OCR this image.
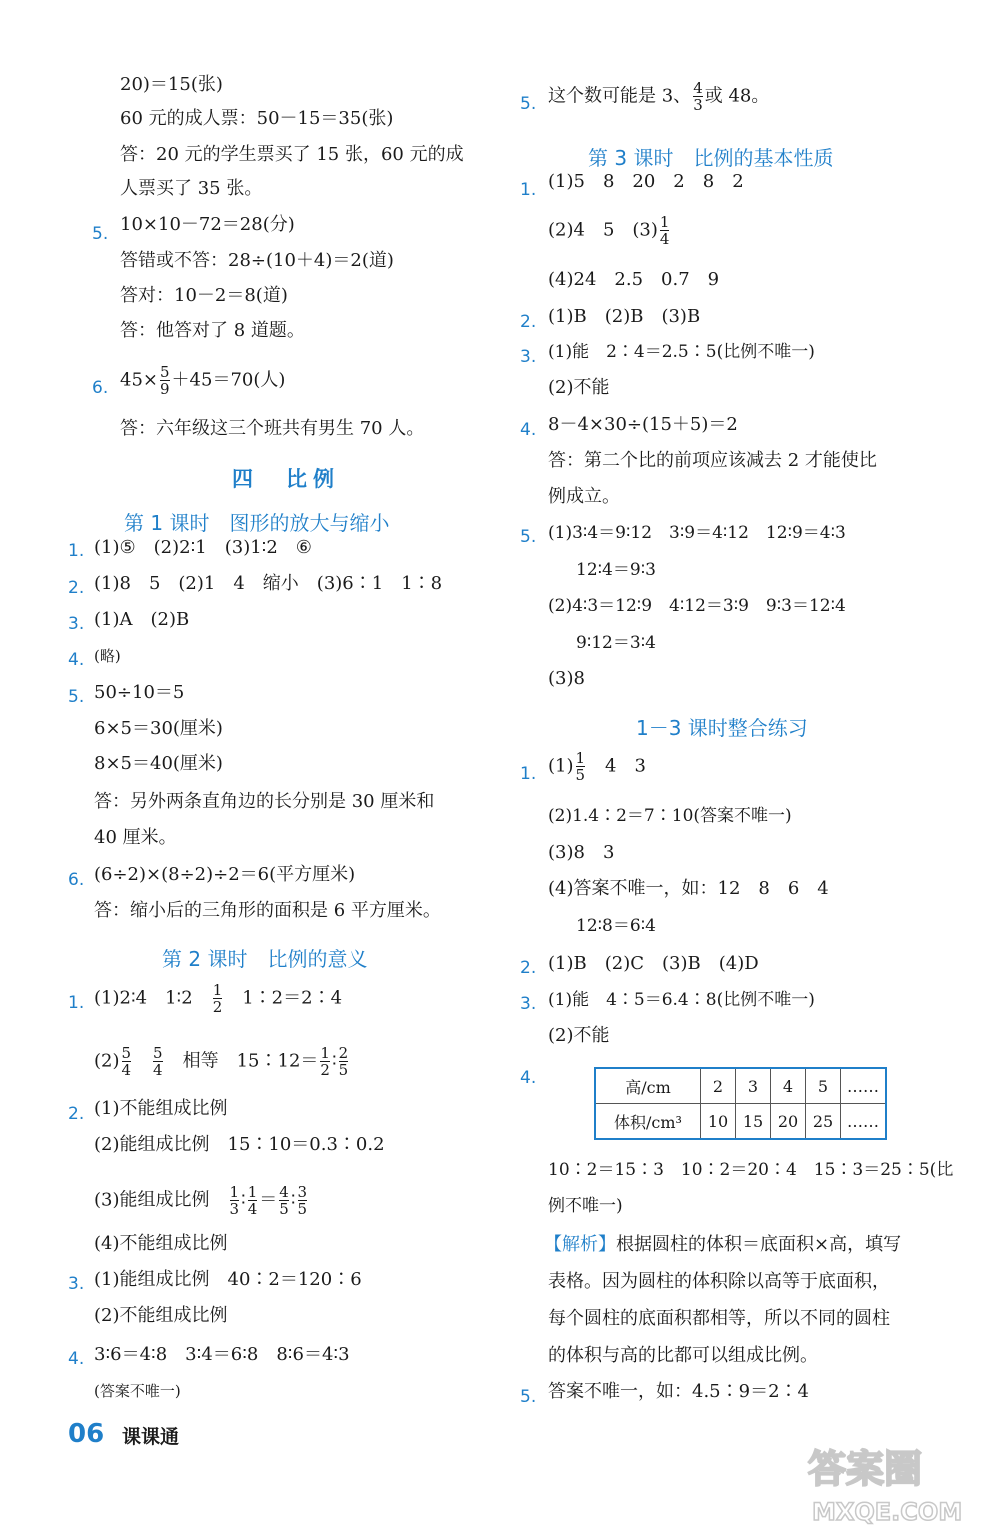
20)＝15(张)
60 元的成人票：50－15＝35(张)
答：20 元的学生票买了 15 张，60 元的成
人票买了 35 张。
5. 10×10－72＝28(分)
答错或不答：28÷(10＋4)＝2(道)
答对：10－2＝8(道)
答：他答对了 8 道题。
6. $45\times \frac{5}{9} +45=70$(人)
答：六年级这三个班共有男生 70 人。
四　比例
第 1 课时　图形的放大与缩小
1. (1)⑤　(2)2∶1　(3)1∶2　⑥
2. (1)8　5　(2)1　4　缩小　(3)6∶1　1∶8
3. (1)A　(2)B
4. (略)
5. 50÷10＝5
6×5＝30(厘米)
8×5＝40(厘米)
答：另外两条直角边的长分别是 30 厘米和
40 厘米。
6. (6÷2)×(8÷2)÷2＝6(平方厘米)
答：缩小后的三角形的面积是 6 平方厘米。
第 2 课时　比例的意义
1. (1)2∶4　1∶2　 $\frac{1}{2}$ 　1∶2＝2∶4
$(2) \frac{5}{4}$
　 $\frac{5}{4}$ 　相等　15∶12＝ $\frac{1}{2}$ ∶ $\frac{2}{5}$
2. (1)不能组成比例
(2)能组成比例　15∶10＝0.3∶0.2
(3)能组成比例　 $\frac{1}{3}$ ∶ $\frac{1}{4} = \frac{4}{5}$ ∶ $\frac{3}{5}$
(4)不能组成比例
3. (1)能组成比例　40∶2＝120∶6
(2)不能组成比例
4. 3∶6＝4∶8　3∶4＝6∶8　8∶6＝4∶3
(答案不唯一)
5. 这个数可能是 3、 $\frac{4}{3}$ 或 48。
第 3 课时　比例的基本性质
1. (1)5　8　20　2　8　2
(2)4　5　$(3) \frac{1}{4}$
(4)24　2.5　0.7　9
2. (1)B　(2)B　(3)B
3. (1)能　2∶4＝2.5∶5(比例不唯一)
(2)不能
4. 8－4×30÷(15＋5)＝2
答：第二个比的前项应该减去 2 才能使比
例成立。
5. (1)3∶4＝9∶12　3∶9＝4∶12　12∶9＝4∶3
12∶4＝9∶3
(2)4∶3＝12∶9　4∶12＝3∶9　9∶3＝12∶4
9∶12＝3∶4
(3)8
1－3 课时整合练习
1. $(1) \frac{1}{5}$ 　4　3
(2)1.4∶2＝7∶10(答案不唯一)
(3)8　3
(4)答案不唯一，如：12　8　6　4
12∶8＝6∶4
2. (1)B　(2)C　(3)B　(4)D
3. (1)能　4∶5＝6.4∶8(比例不唯一)
(2)不能
4.	高/cm	2	3	4	5	……
体积/cm³	10	15	20	25	……
10∶2＝15∶3　10∶2＝20∶4　15∶3＝25∶5(比
例不唯一)
【解析】根据圆柱的体积＝底面积×高，填写
表格。因为圆柱的体积除以高等于底面积，
每个圆柱的底面积都相等，所以不同的圆柱
的体积与高的比都可以组成比例。
5. 答案不唯一，如：4.5∶9＝2∶4
06 课课通
答案圈
MXQE.COM
